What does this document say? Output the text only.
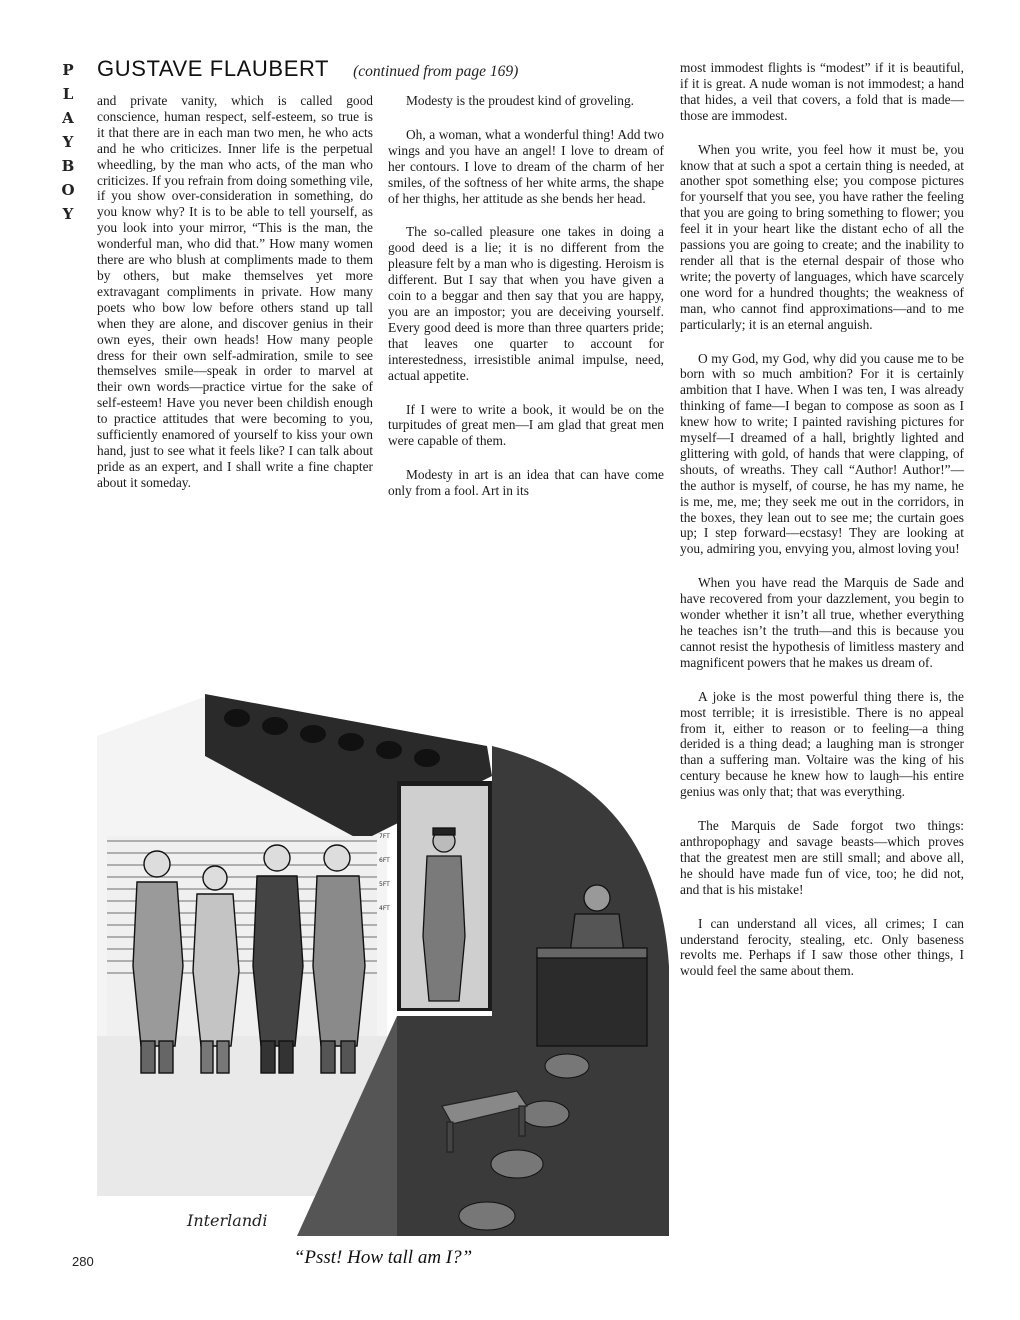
P
L
A
Y
B
O
Y
GUSTAVE FLAUBERT (continued from page 169)

and private vanity, which is called good conscience, human respect, self-esteem, so true is it that there are in each man two men, he who acts and he who criticizes. Inner life is the perpetual wheedling, by the man who acts, of the man who criticizes. If you refrain from doing something vile, if you show over-consideration in something, do you know why? It is to be able to tell yourself, as you look into your mirror, “This is the man, the wonderful man, who did that.” How many women there are who blush at compliments made to them by others, but make themselves yet more extravagant compliments in private. How many poets who bow low before others stand up tall when they are alone, and discover genius in their own eyes, their own heads! How many people dress for their own self-admiration, smile to see themselves smile—speak in order to marvel at their own words—practice virtue for the sake of self-esteem! Have you never been childish enough to practice attitudes that were becoming to you, sufficiently enamored of yourself to kiss your own hand, just to see what it feels like? I can talk about pride as an expert, and I shall write a fine chapter about it someday.

Modesty is the proudest kind of groveling.

Oh, a woman, what a wonderful thing! Add two wings and you have an angel! I love to dream of her contours. I love to dream of the charm of her smiles, of the softness of her white arms, the shape of her thighs, her attitude as she bends her head.

The so-called pleasure one takes in doing a good deed is a lie; it is no different from the pleasure felt by a man who is digesting. Heroism is different. But I say that when you have given a coin to a beggar and then say that you are happy, you are an impostor; you are deceiving yourself. Every good deed is more than three quarters pride; that leaves one quarter to account for interestedness, irresistible animal impulse, need, actual appetite.

If I were to write a book, it would be on the turpitudes of great men—I am glad that great men were capable of them.

Modesty in art is an idea that can have come only from a fool. Art in its

most immodest flights is “modest” if it is beautiful, if it is great. A nude woman is not immodest; a hand that hides, a veil that covers, a fold that is made—those are immodest.

When you write, you feel how it must be, you know that at such a spot a certain thing is needed, at another spot something else; you compose pictures for yourself that you see, you have rather the feeling that you are going to bring something to flower; you feel it in your heart like the distant echo of all the passions you are going to create; and the inability to render all that is the eternal despair of those who write; the poverty of languages, which have scarcely one word for a hundred thoughts; the weakness of man, who cannot find approximations—and to me particularly; it is an eternal anguish.

O my God, my God, why did you cause me to be born with so much ambition? For it is certainly ambition that I have. When I was ten, I was already thinking of fame—I began to compose as soon as I knew how to write; I painted ravishing pictures for myself—I dreamed of a hall, brightly lighted and glittering with gold, of hands that were clapping, of shouts, of wreaths. They call “Author! Author!”—the author is myself, of course, he has my name, he is me, me, me; they seek me out in the corridors, in the boxes, they lean out to see me; the curtain goes up; I step forward—ecstasy! They are looking at you, admiring you, envying you, almost loving you!

When you have read the Marquis de Sade and have recovered from your dazzlement, you begin to wonder whether it isn’t all true, whether everything he teaches isn’t the truth—and this is because you cannot resist the hypothesis of limitless mastery and magnificent powers that he makes us dream of.

A joke is the most powerful thing there is, the most terrible; it is irresistible. There is no appeal from it, either to reason or to feeling—a thing derided is a thing dead; a laughing man is stronger than a suffering man. Voltaire was the king of his century because he knew how to laugh—his entire genius was only that; that was everything.

The Marquis de Sade forgot two things: anthropophagy and savage beasts—which proves that the greatest men are still small; and above all, he should have made fun of vice, too; he did not, and that is his mistake!

I can understand all vices, all crimes; I can understand ferocity, stealing, etc. Only baseness revolts me. Perhaps if I saw those other things, I would feel the same about them.

7FT
6FT
5FT
4FT
Interlandi
“Psst! How tall am I?”
280
